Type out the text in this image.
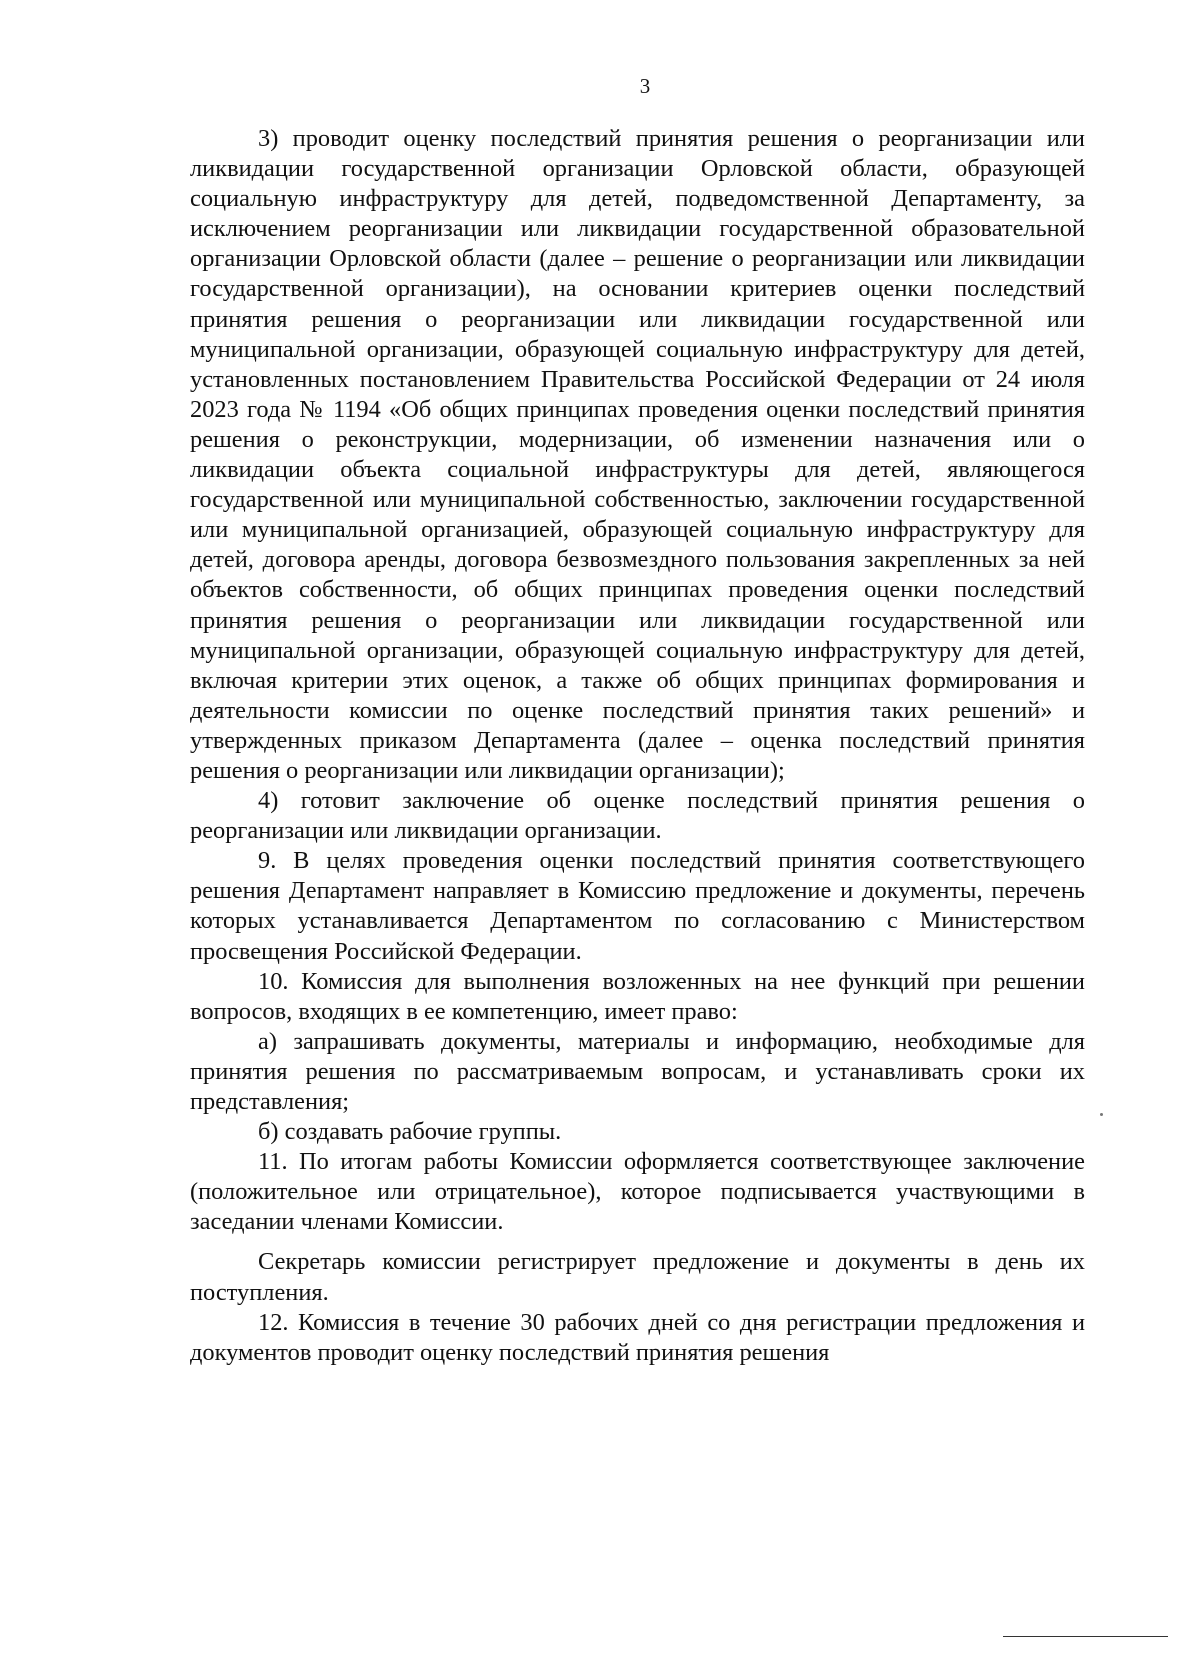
3

3) проводит оценку последствий принятия решения о реорганизации или ликвидации государственной организации Орловской области, образующей социальную инфраструктуру для детей, подведомственной Департаменту, за исключением реорганизации или ликвидации государственной образовательной организации Орловской области (далее – решение о реорганизации или ликвидации государственной организации), на основании критериев оценки последствий принятия решения о реорганизации или ликвидации государственной или муниципальной организации, образующей социальную инфраструктуру для детей, установленных постановлением Правительства Российской Федерации от 24 июля 2023 года № 1194 «Об общих принципах проведения оценки последствий принятия решения о реконструкции, модернизации, об изменении назначения или о ликвидации объекта социальной инфраструктуры для детей, являющегося государственной или муниципальной собственностью, заключении государственной или муниципальной организацией, образующей социальную инфраструктуру для детей, договора аренды, договора безвозмездного пользования закрепленных за ней объектов собственности, об общих принципах проведения оценки последствий принятия решения о реорганизации или ликвидации государственной или муниципальной организации, образующей социальную инфраструктуру для детей, включая критерии этих оценок, а также об общих принципах формирования и деятельности комиссии по оценке последствий принятия таких решений» и утвержденных приказом Департамента (далее – оценка последствий принятия решения о реорганизации или ликвидации организации);

4) готовит заключение об оценке последствий принятия решения о реорганизации или ликвидации организации.

9. В целях проведения оценки последствий принятия соответствующего решения Департамент направляет в Комиссию предложение и документы, перечень которых устанавливается Департаментом по согласованию с Министерством просвещения Российской Федерации.

10. Комиссия для выполнения возложенных на нее функций при решении вопросов, входящих в ее компетенцию, имеет право:

а) запрашивать документы, материалы и информацию, необходимые для принятия решения по рассматриваемым вопросам, и устанавливать сроки их представления;

б) создавать рабочие группы.

11. По итогам работы Комиссии оформляется соответствующее заключение (положительное или отрицательное), которое подписывается участвующими в заседании членами Комиссии.

Секретарь комиссии регистрирует предложение и документы в день их поступления.

12. Комиссия в течение 30 рабочих дней со дня регистрации предложения и документов проводит оценку последствий принятия решения
